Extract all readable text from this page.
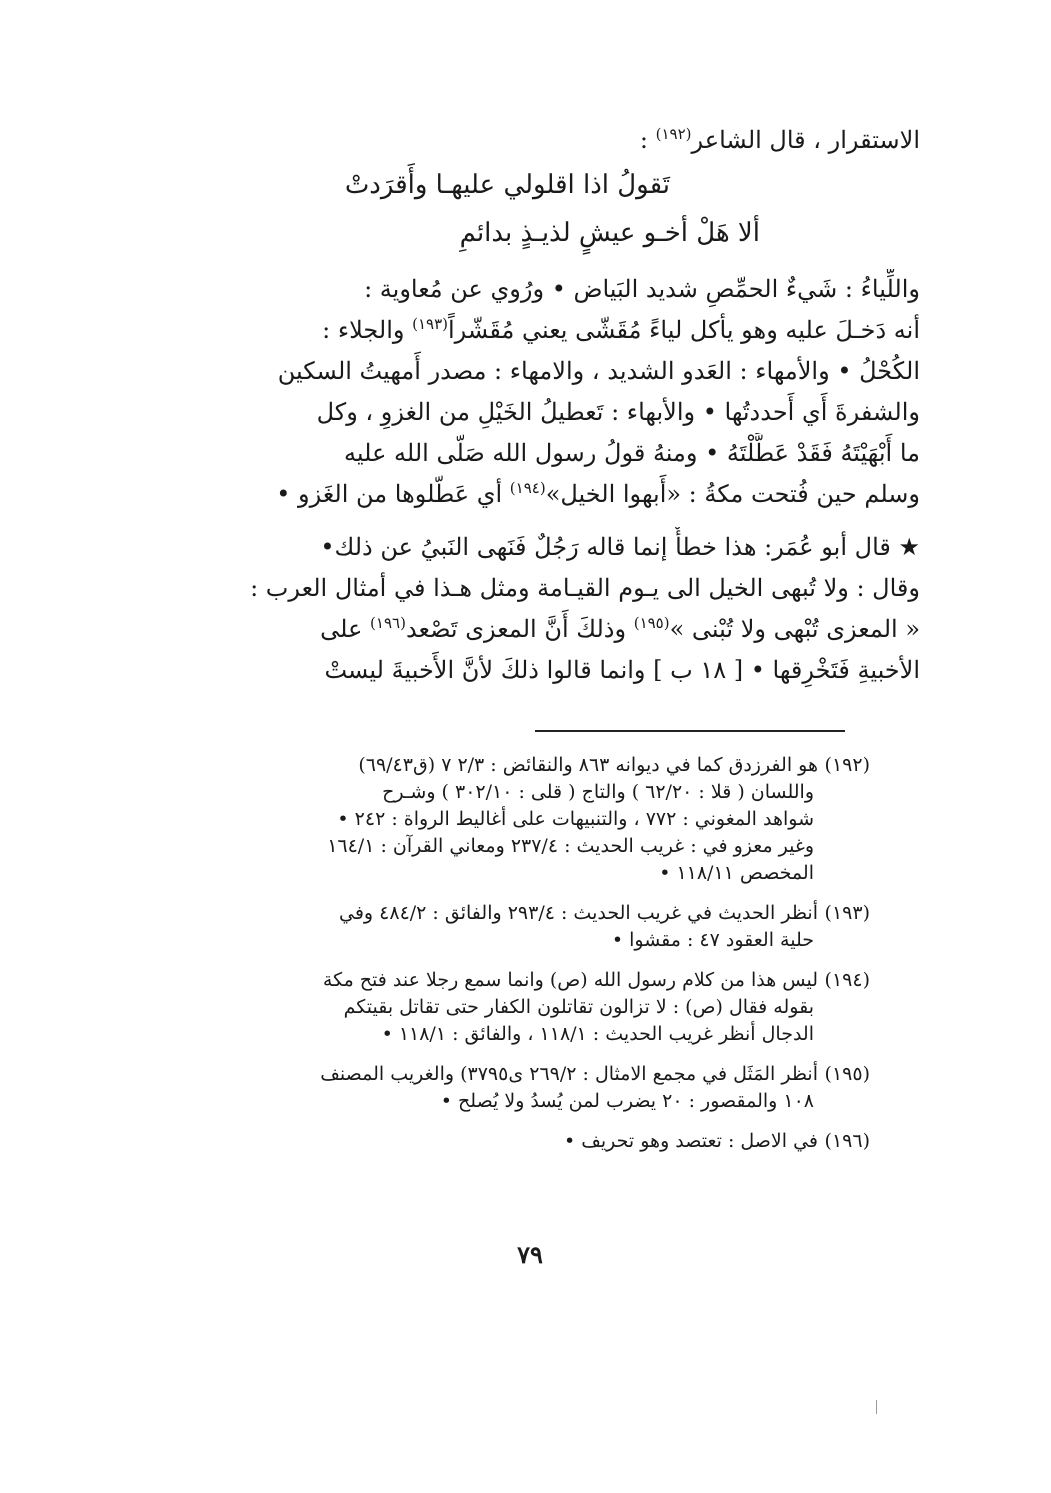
الاستقرار ، قال الشاعر$^{(١٩٢)}$ :
تَقولُ اذا اقلولي عليهـا وأَقرَدتْ
ألا هَلْ أخـو عيشٍ لذيـذٍ بدائمِ
واللِّياءُ : شَيءٌ الحمِّصِ شديد البَياض • ورُوي عن مُعاوية :
أنه دَخـلَ عليه وهو يأكل لياءً مُقَشّى يعني مُقَشّراً$^{(١٩٣)}$ والجلاء :
الكُحْلُ • والأمهاء : العَدو الشديد ، والامهاء : مصدر أَمهيتُ السكين
والشفرةَ أَي أَحددتُها • والأبهاء : تَعطيلُ الخَيْلِ من الغزوِ ، وكل
ما أَبْهَيْتَهُ فَقَدْ عَطَّلْتَهُ • ومنهُ قولُ رسول الله صَلّى الله عليه
وسلم حين فُتحت مكةُ : «أَبهوا الخيل»$^{(١٩٤)}$ أي عَطّلوها من الغَزو •
★ قال أبو عُمَر: هذا خطأٌ إنما قاله رَجُلٌ فَنَهى النَبيُ عن ذلك•
وقال : ولا تُبهى الخيل الى يـوم القيـامة ومثل هـذا في أمثال العرب :
« المعزى تُبْهى ولا تُبْنى »$^{(١٩٥)}$ وذلكَ أَنَّ المعزى تَصْعد$^{(١٩٦)}$ على
الأخبيةِ فَتَخْرِقها • [ ١٨ ب ] وانما قالوا ذلكَ لأنَّ الأَخبيةَ ليستْ
(١٩٢)هو الفرزدق كما في ديوانه ٨٦٣ والنقائض : ٢/٣ ٧ (ق٦٩/٤٣)
واللسان ( قلا : ٦٢/٢٠ ) والتاج ( قلى : ٣٠٢/١٠ ) وشـرح
شواهد المغوني : ٧٧٢ ، والتنبيهات على أغاليط الرواة : ٢٤٢ •
وغير معزو في : غريب الحديث : ٢٣٧/٤ ومعاني القرآن : ١٦٤/١
المخصص ١١٨/١١ •
(١٩٣)أنظر الحديث في غريب الحديث : ٢٩٣/٤ والفائق : ٤٨٤/٢ وفي
حلية العقود ٤٧ : مقشوا •
(١٩٤)ليس هذا من كلام رسول الله (ص) وانما سمع رجلا عند فتح مكة
بقوله فقال (ص) : لا تزالون تقاتلون الكفار حتى تقاتل بقيتكم
الدجال أنظر غريب الحديث : ١١٨/١ ، والفائق : ١١٨/١ •
(١٩٥)أنظر المَثَل في مجمع الامثال : ٢٦٩/٢ ى٣٧٩٥) والغريب المصنف
١٠٨ والمقصور : ٢٠ يضرب لمن يُسدُ ولا يُصلح •
(١٩٦)في الاصل : تعتصد وهو تحريف •
٧٩
